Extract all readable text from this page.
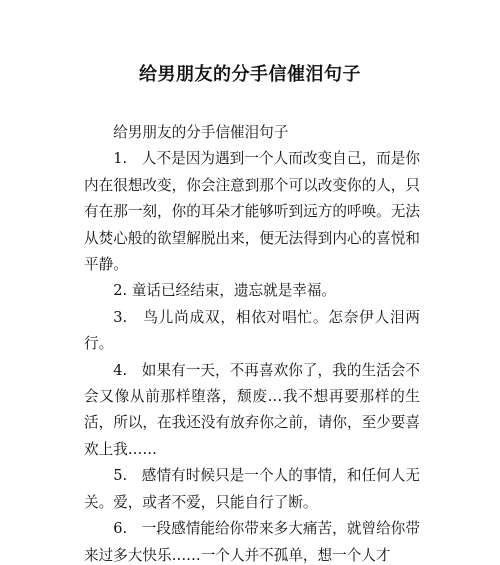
给男朋友的分手信催泪句子

给男朋友的分手信催泪句子

1.　人不是因为遇到一个人而改变自己，而是你内在很想改变，你会注意到那个可以改变你的人，只有在那一刻，你的耳朵才能够听到远方的呼唤。无法从焚心般的欲望解脱出来，便无法得到内心的喜悦和平静。

2. 童话已经结束，遗忘就是幸福。

3.　鸟儿尚成双，相依对唱忙。怎奈伊人泪两行。

4.　如果有一天，不再喜欢你了，我的生活会不会又像从前那样堕落，颓废…我不想再要那样的生活，所以，在我还没有放弃你之前，请你，至少要喜欢上我……

5.　感情有时候只是一个人的事情，和任何人无关。爱，或者不爱，只能自行了断。

6.　一段感情能给你带来多大痛苦，就曾给你带来过多大快乐……一个人并不孤单，想一个人才
